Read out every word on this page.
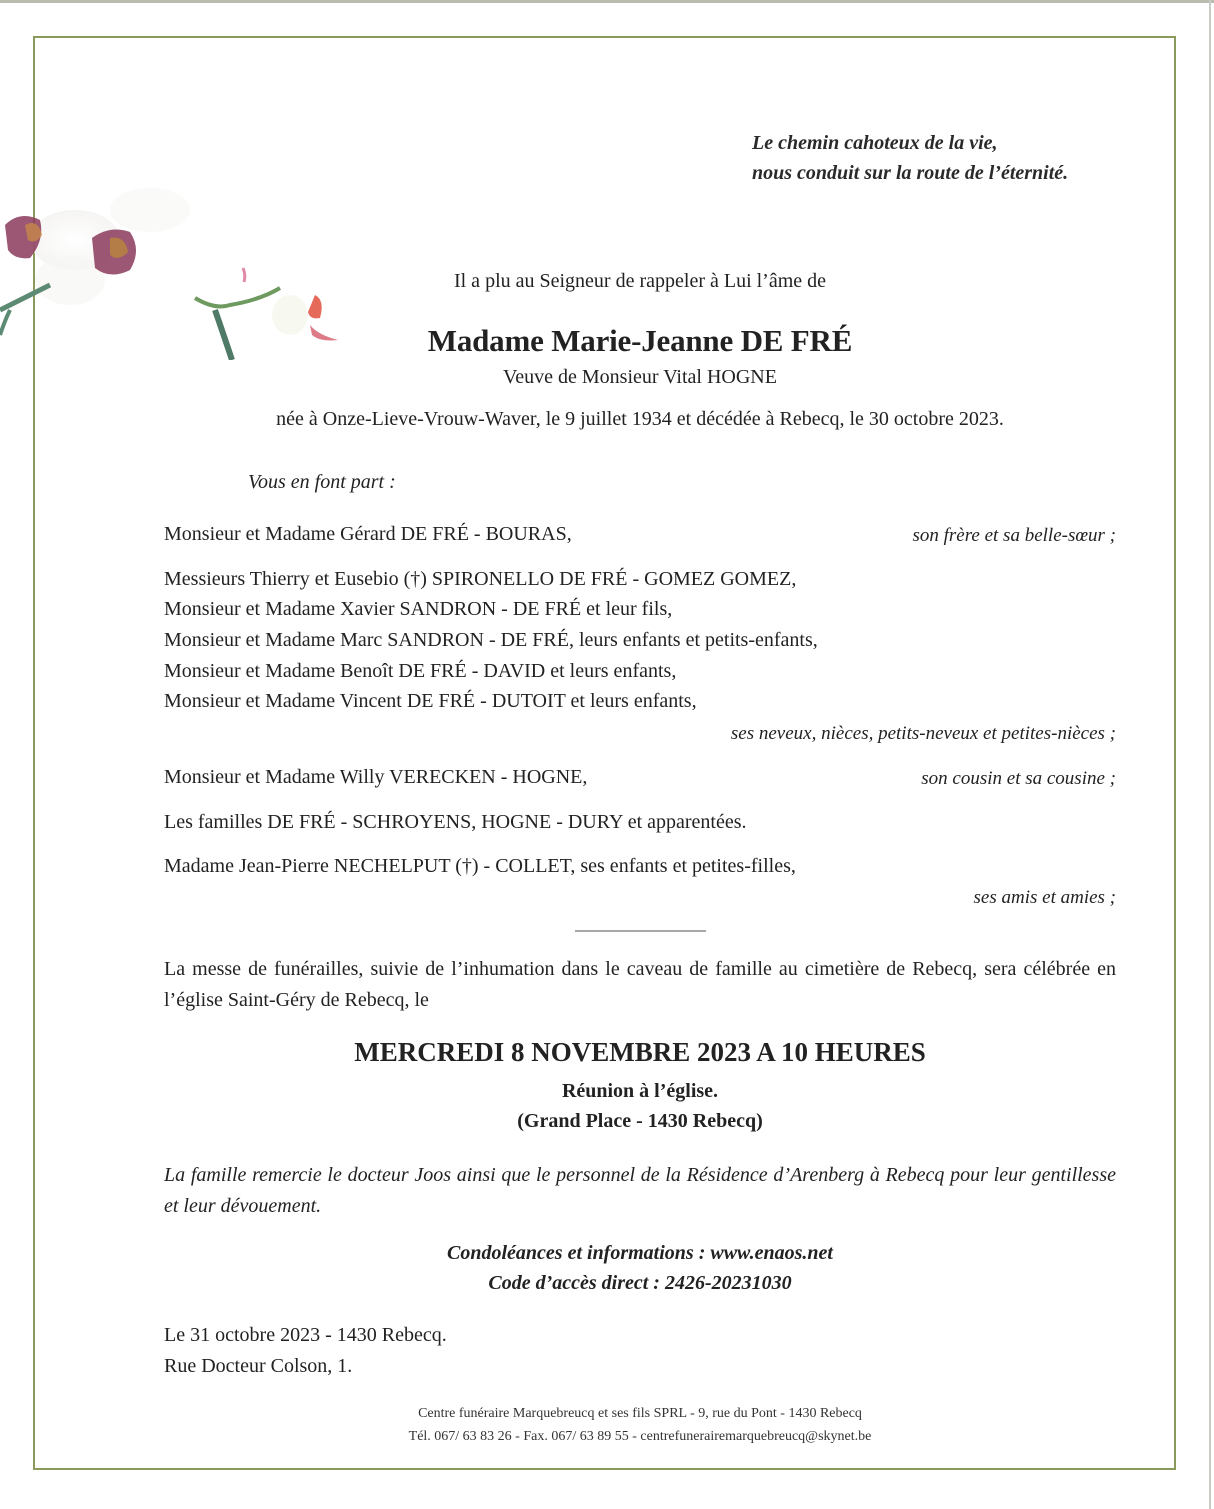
Le chemin cahoteux de la vie,
nous conduit sur la route de l’éternité.
Il a plu au Seigneur de rappeler à Lui l’âme de
Madame Marie-Jeanne DE FRÉ
Veuve de Monsieur Vital HOGNE
née à Onze-Lieve-Vrouw-Waver, le 9 juillet 1934 et décédée à Rebecq, le 30 octobre 2023.
Vous en font part :
Monsieur et Madame Gérard DE FRÉ - BOURAS,	son frère et sa belle-sœur ;
Messieurs Thierry et Eusebio (†) SPIRONELLO DE FRÉ - GOMEZ GOMEZ,
Monsieur et Madame Xavier SANDRON - DE FRÉ et leur fils,
Monsieur et Madame Marc SANDRON - DE FRÉ, leurs enfants et petits-enfants,
Monsieur et Madame Benoît DE FRÉ - DAVID et leurs enfants,
Monsieur et Madame Vincent DE FRÉ - DUTOIT et leurs enfants,
ses neveux, nièces, petits-neveux et petites-nièces ;
Monsieur et Madame Willy VERECKEN - HOGNE,	son cousin et sa cousine ;
Les familles DE FRÉ - SCHROYENS, HOGNE - DURY et apparentées.
Madame Jean-Pierre NECHELPUT (†) - COLLET, ses enfants et petites-filles,
ses amis et amies ;
La messe de funérailles, suivie de l’inhumation dans le caveau de famille au cimetière de Rebecq, sera célébrée en l’église Saint-Géry de Rebecq, le
MERCREDI 8 NOVEMBRE 2023 A 10 HEURES
Réunion à l’église.
(Grand Place - 1430 Rebecq)
La famille remercie le docteur Joos ainsi que le personnel de la Résidence d’Arenberg à Rebecq pour leur gentillesse et leur dévouement.
Condoléances et informations : www.enaos.net
Code d’accès direct : 2426-20231030
Le 31 octobre 2023 - 1430 Rebecq.
Rue Docteur Colson, 1.
Centre funéraire Marquebreucq et ses fils SPRL - 9, rue du Pont - 1430 Rebecq
Tél. 067/ 63 83 26 - Fax. 067/ 63 89 55 - centrefunerairemarquebreucq@skynet.be
